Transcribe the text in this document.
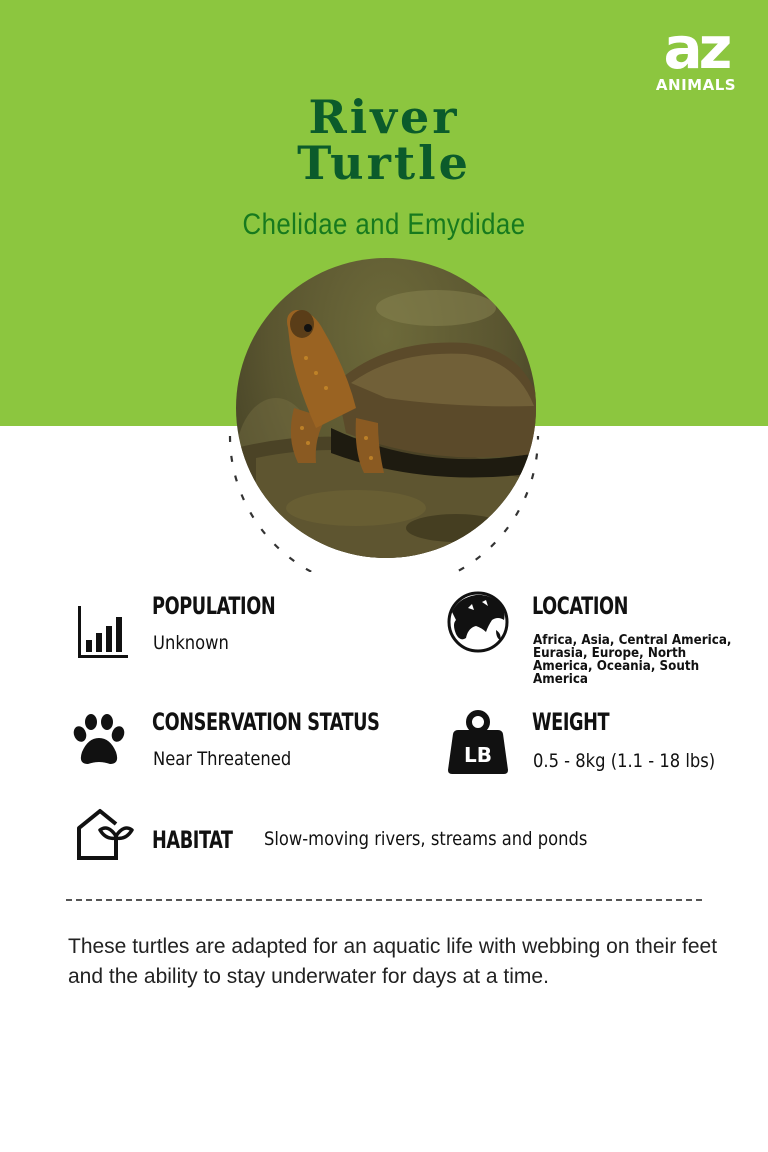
az
ANIMALS
River
Turtle
Chelidae and Emydidae
POPULATION
Unknown
LOCATION
Africa, Asia, Central America, Eurasia, Europe, North America, Oceania, South America
CONSERVATION STATUS
Near Threatened	LB
WEIGHT
0.5 - 8kg (1.1 - 18 lbs)
HABITAT Slow-moving rivers, streams and ponds

These turtles are adapted for an aquatic life with webbing on their feet and the ability to stay underwater for days at a time.
